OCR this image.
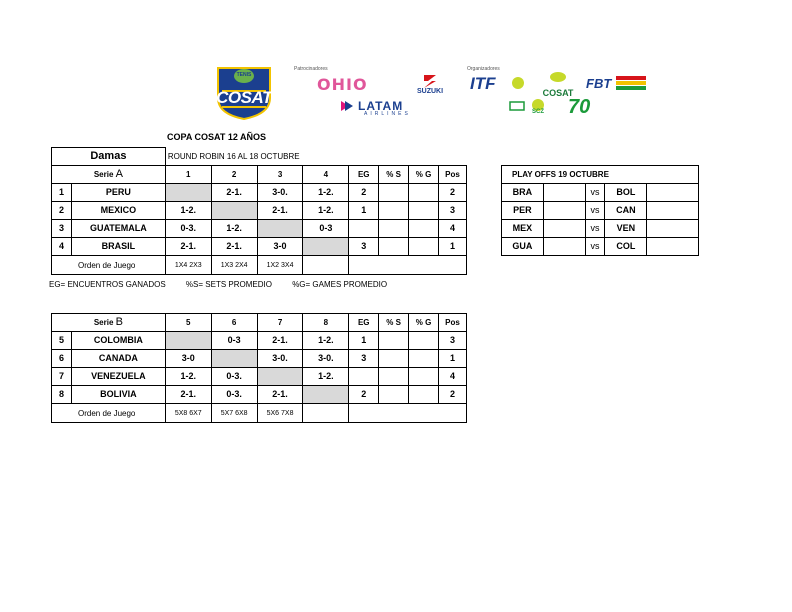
COSAT
TENIS
Patrocinadores
OHIO	SUZUKI
LATAM
AIRLINES
Organizadores
ITF	COSAT
FBT
SCZ 70
COPA COSAT 12 AÑOS
Damas		ROUND ROBIN 16 AL 18 OCTUBRE							
Serie A		1	2	3	4	EG	% S	% G	Pos
1	PERU		2-1.	3-0.	1-2.	2			2
2	MEXICO	1-2.		2-1.	1-2.	1			3
3	GUATEMALA	0-3.	1-2.		0-3				4
4	BRASIL	2-1.	2-1.	3-0		3			1
Orden de Juego		1X4 2X3	1X3 2X4	1X2 3X4					
EG= ENCUENTROS GANADOS	%S= SETS PROMEDIO	%G= GAMES PROMEDIO
Serie B		5	6	7	8	EG	% S	% G	Pos
5	COLOMBIA		0-3	2-1.	1-2.	1			3
6	CANADA	3-0		3-0.	3-0.	3			1
7	VENEZUELA	1-2.	0-3.		1-2.				4
8	BOLIVIA	2-1.	0-3.	2-1.		2			2
Orden de Juego		5X8 6X7	5X7 6X8	5X6 7X8					
PLAY OFFS 19 OCTUBRE				
BRA		vs	BOL	
PER		vs	CAN	
MEX		vs	VEN	
GUA		vs	COL	
